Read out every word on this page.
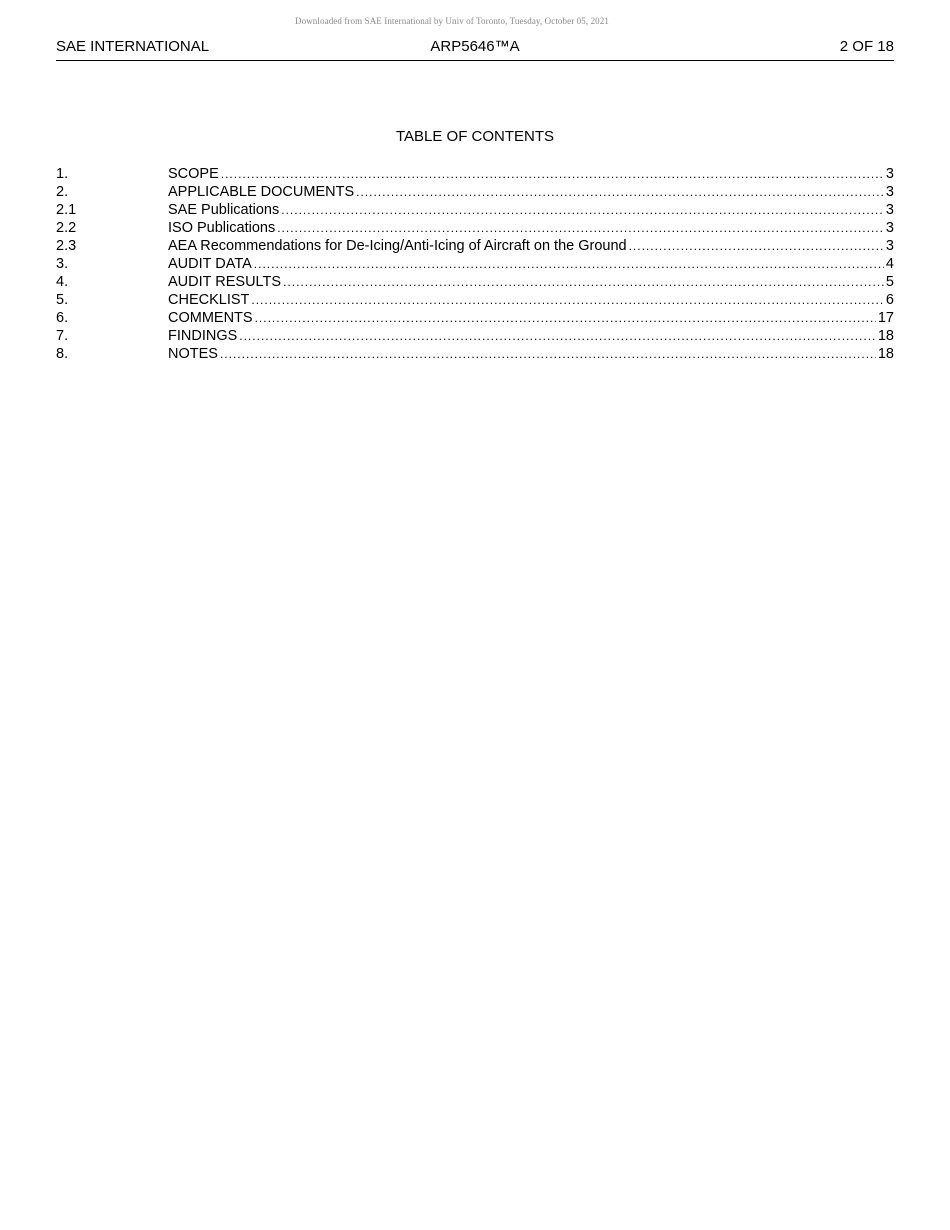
Downloaded from SAE International by Univ of Toronto, Tuesday, October 05, 2021
SAE INTERNATIONAL	ARP5646™A	2 OF 18
TABLE OF CONTENTS
1.	SCOPE .....	3
2.	APPLICABLE DOCUMENTS .....	3
2.1	SAE Publications .....	3
2.2	ISO Publications .....	3
2.3	AEA Recommendations for De-Icing/Anti-Icing of Aircraft on the Ground .....	3
3.	AUDIT DATA .....	4
4.	AUDIT RESULTS .....	5
5.	CHECKLIST .....	6
6.	COMMENTS .....	17
7.	FINDINGS .....	18
8.	NOTES .....	18
